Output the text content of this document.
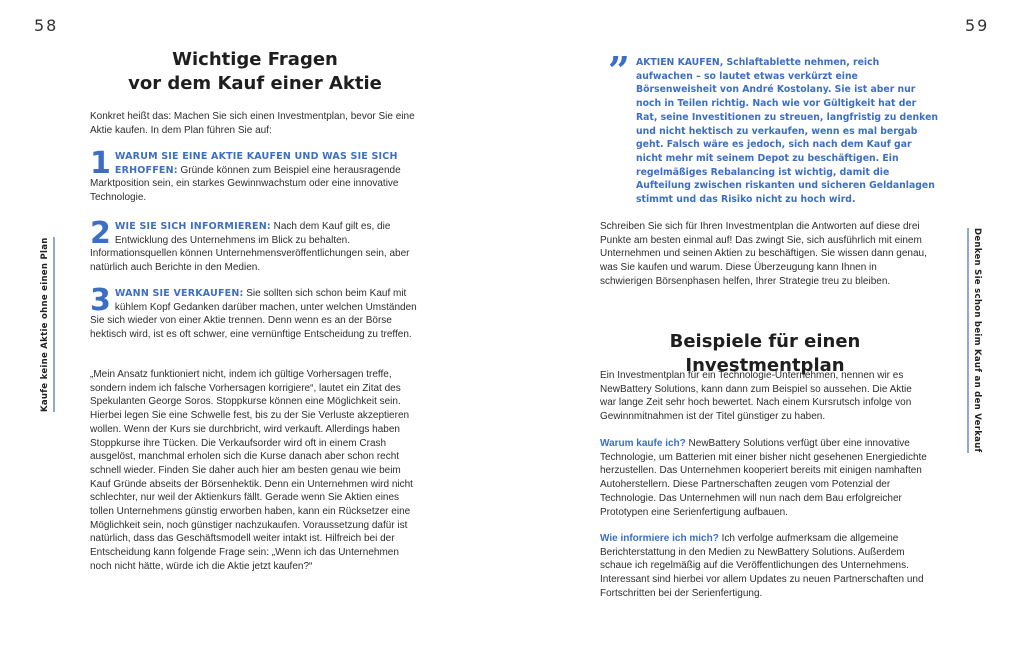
58
Kaufe keine Aktie ohne einen Plan
Wichtige Fragen
vor dem Kauf einer Aktie
Konkret heißt das: Machen Sie sich einen Investmentplan, bevor Sie eine Aktie kaufen. In dem Plan führen Sie auf:
1 WARUM SIE EINE AKTIE KAUFEN UND WAS SIE SICH ERHOFFEN: Gründe können zum Beispiel eine herausragende Marktposition sein, ein starkes Gewinnwachstum oder eine innovative Technologie.
2 WIE SIE SICH INFORMIEREN: Nach dem Kauf gilt es, die Entwicklung des Unternehmens im Blick zu behalten. Informationsquellen können Unternehmensveröffentlichungen sein, aber natürlich auch Berichte in den Medien.
3 WANN SIE VERKAUFEN: Sie sollten sich schon beim Kauf mit kühlem Kopf Gedanken darüber machen, unter welchen Umständen Sie sich wieder von einer Aktie trennen. Denn wenn es an der Börse hektisch wird, ist es oft schwer, eine vernünftige Entscheidung zu treffen.
„Mein Ansatz funktioniert nicht, indem ich gültige Vorhersagen treffe, sondern indem ich falsche Vorhersagen korrigiere“, lautet ein Zitat des Spekulanten George Soros. Stoppkurse können eine Möglichkeit sein. Hierbei legen Sie eine Schwelle fest, bis zu der Sie Verluste akzeptieren wollen. Wenn der Kurs sie durchbricht, wird verkauft. Allerdings haben Stoppkurse ihre Tücken. Die Verkaufsorder wird oft in einem Crash ausgelöst, manchmal erholen sich die Kurse danach aber schon recht schnell wieder. Finden Sie daher auch hier am besten genau wie beim Kauf Gründe abseits der Börsenhektik. Denn ein Unternehmen wird nicht schlechter, nur weil der Aktienkurs fällt. Gerade wenn Sie Aktien eines tollen Unternehmens günstig erworben haben, kann ein Rücksetzer eine Möglichkeit sein, noch günstiger nachzukaufen. Voraussetzung dafür ist natürlich, dass das Geschäftsmodell weiter intakt ist. Hilfreich bei der Entscheidung kann folgende Frage sein: „Wenn ich das Unternehmen noch nicht hätte, würde ich die Aktie jetzt kaufen?“
59
Denken Sie schon beim Kauf an den Verkauf
” AKTIEN KAUFEN, Schlaftablette nehmen, reich aufwachen – so lautet etwas verkürzt eine Börsenweisheit von André Kostolany. Sie ist aber nur noch in Teilen richtig. Nach wie vor Gültigkeit hat der Rat, seine Investitionen zu streuen, langfristig zu denken und nicht hektisch zu verkaufen, wenn es mal bergab geht. Falsch wäre es jedoch, sich nach dem Kauf gar nicht mehr mit seinem Depot zu beschäftigen. Ein regelmäßiges Rebalancing ist wichtig, damit die Aufteilung zwischen riskanten und sicheren Geldanlagen stimmt und das Risiko nicht zu hoch wird.
Schreiben Sie sich für Ihren Investmentplan die Antworten auf diese drei Punkte am besten einmal auf! Das zwingt Sie, sich ausführlich mit einem Unternehmen und seinen Aktien zu beschäftigen. Sie wissen dann genau, was Sie kaufen und warum. Diese Überzeugung kann Ihnen in schwierigen Börsenphasen helfen, Ihrer Strategie treu zu bleiben.
Beispiele für einen Investmentplan
Ein Investmentplan für ein Technologie-Unternehmen, nennen wir es NewBattery Solutions, kann dann zum Beispiel so aussehen. Die Aktie war lange Zeit sehr hoch bewertet. Nach einem Kursrutsch infolge von Gewinnmitnahmen ist der Titel günstiger zu haben.
Warum kaufe ich? NewBattery Solutions verfügt über eine innovative Technologie, um Batterien mit einer bisher nicht gesehenen Energiedichte herzustellen. Das Unternehmen kooperiert bereits mit einigen namhaften Autoherstellern. Diese Partnerschaften zeugen vom Potenzial der Technologie. Das Unternehmen will nun nach dem Bau erfolgreicher Prototypen eine Serienfertigung aufbauen.
Wie informiere ich mich? Ich verfolge aufmerksam die allgemeine Berichterstattung in den Medien zu NewBattery Solutions. Außerdem schaue ich regelmäßig auf die Veröffentlichungen des Unternehmens. Interessant sind hierbei vor allem Updates zu neuen Partnerschaften und Fortschritten bei der Serienfertigung.
